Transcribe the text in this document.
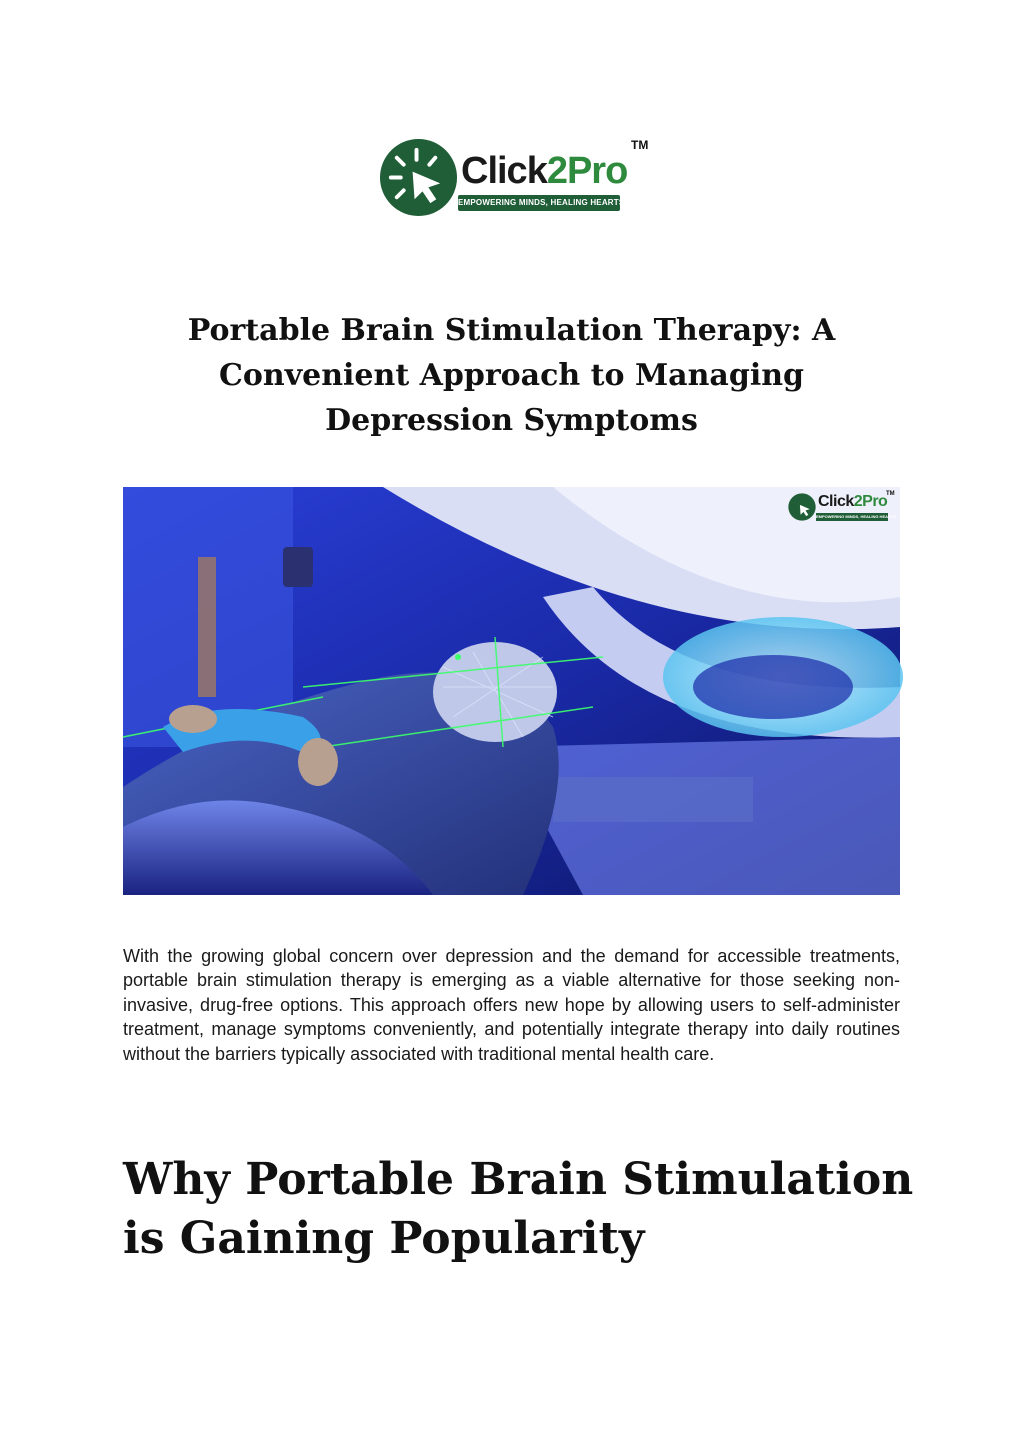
Click2Pro
TM
EMPOWERING MINDS, HEALING HEARTS
Portable Brain Stimulation Therapy: A Convenient Approach to Managing Depression Symptoms
Click2Pro
TM
EMPOWERING MINDS, HEALING HEARTS

With the growing global concern over depression and the demand for accessible treatments, portable brain stimulation therapy is emerging as a viable alternative for those seeking non-invasive, drug-free options. This approach offers new hope by allowing users to self-administer treatment, manage symptoms conveniently, and potentially integrate therapy into daily routines without the barriers typically associated with traditional mental health care.

Why Portable Brain Stimulation is Gaining Popularity
